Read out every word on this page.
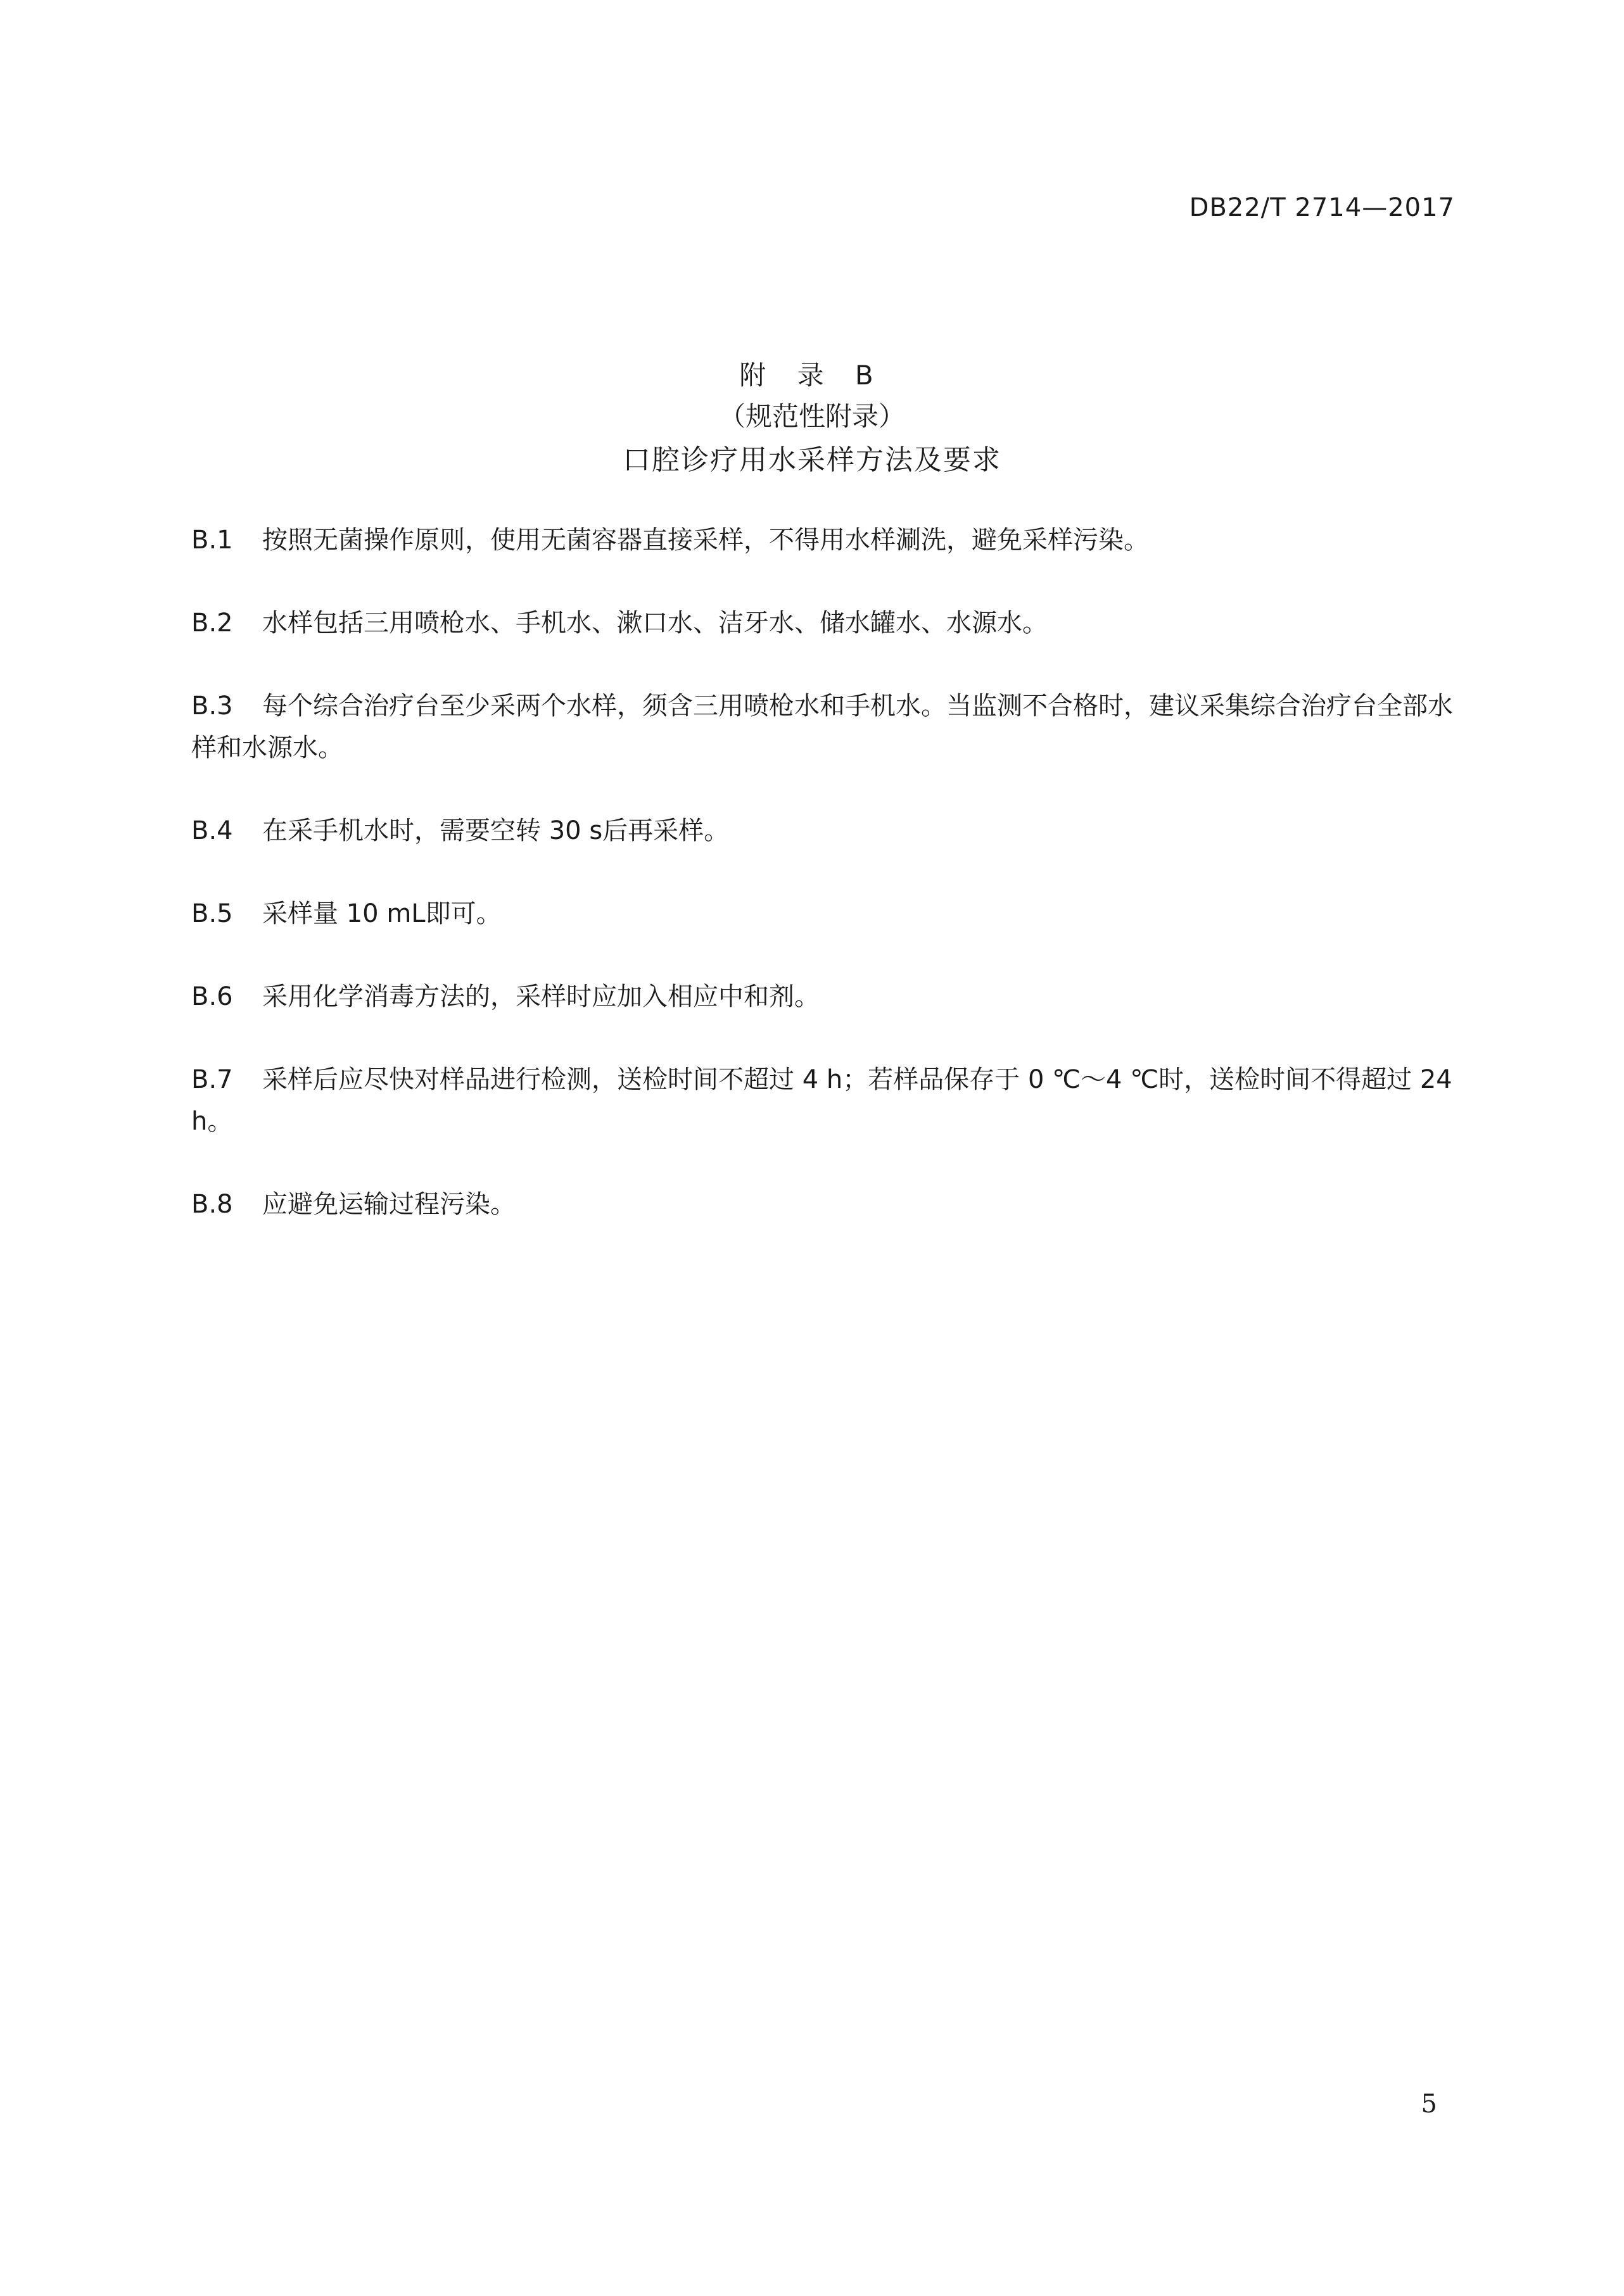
DB22/T 2714—2017
附 录 B
（规范性附录）
口腔诊疗用水采样方法及要求
B.1	按照无菌操作原则，使用无菌容器直接采样，不得用水样涮洗，避免采样污染。
B.2	水样包括三用喷枪水、手机水、漱口水、洁牙水、储水罐水、水源水。
B.3 每个综合治疗台至少采两个水样，须含三用喷枪水和手机水。当监测不合格时，建议采集综合治疗台全部水样和水源水。
B.4	在采手机水时，需要空转 30 s后再采样。
B.5	采样量 10 mL即可。
B.6	采用化学消毒方法的，采样时应加入相应中和剂。
B.7 采样后应尽快对样品进行检测，送检时间不超过 4 h；若样品保存于 0 ℃～4 ℃时，送检时间不得超过 24 h。
B.8	应避免运输过程污染。
5
